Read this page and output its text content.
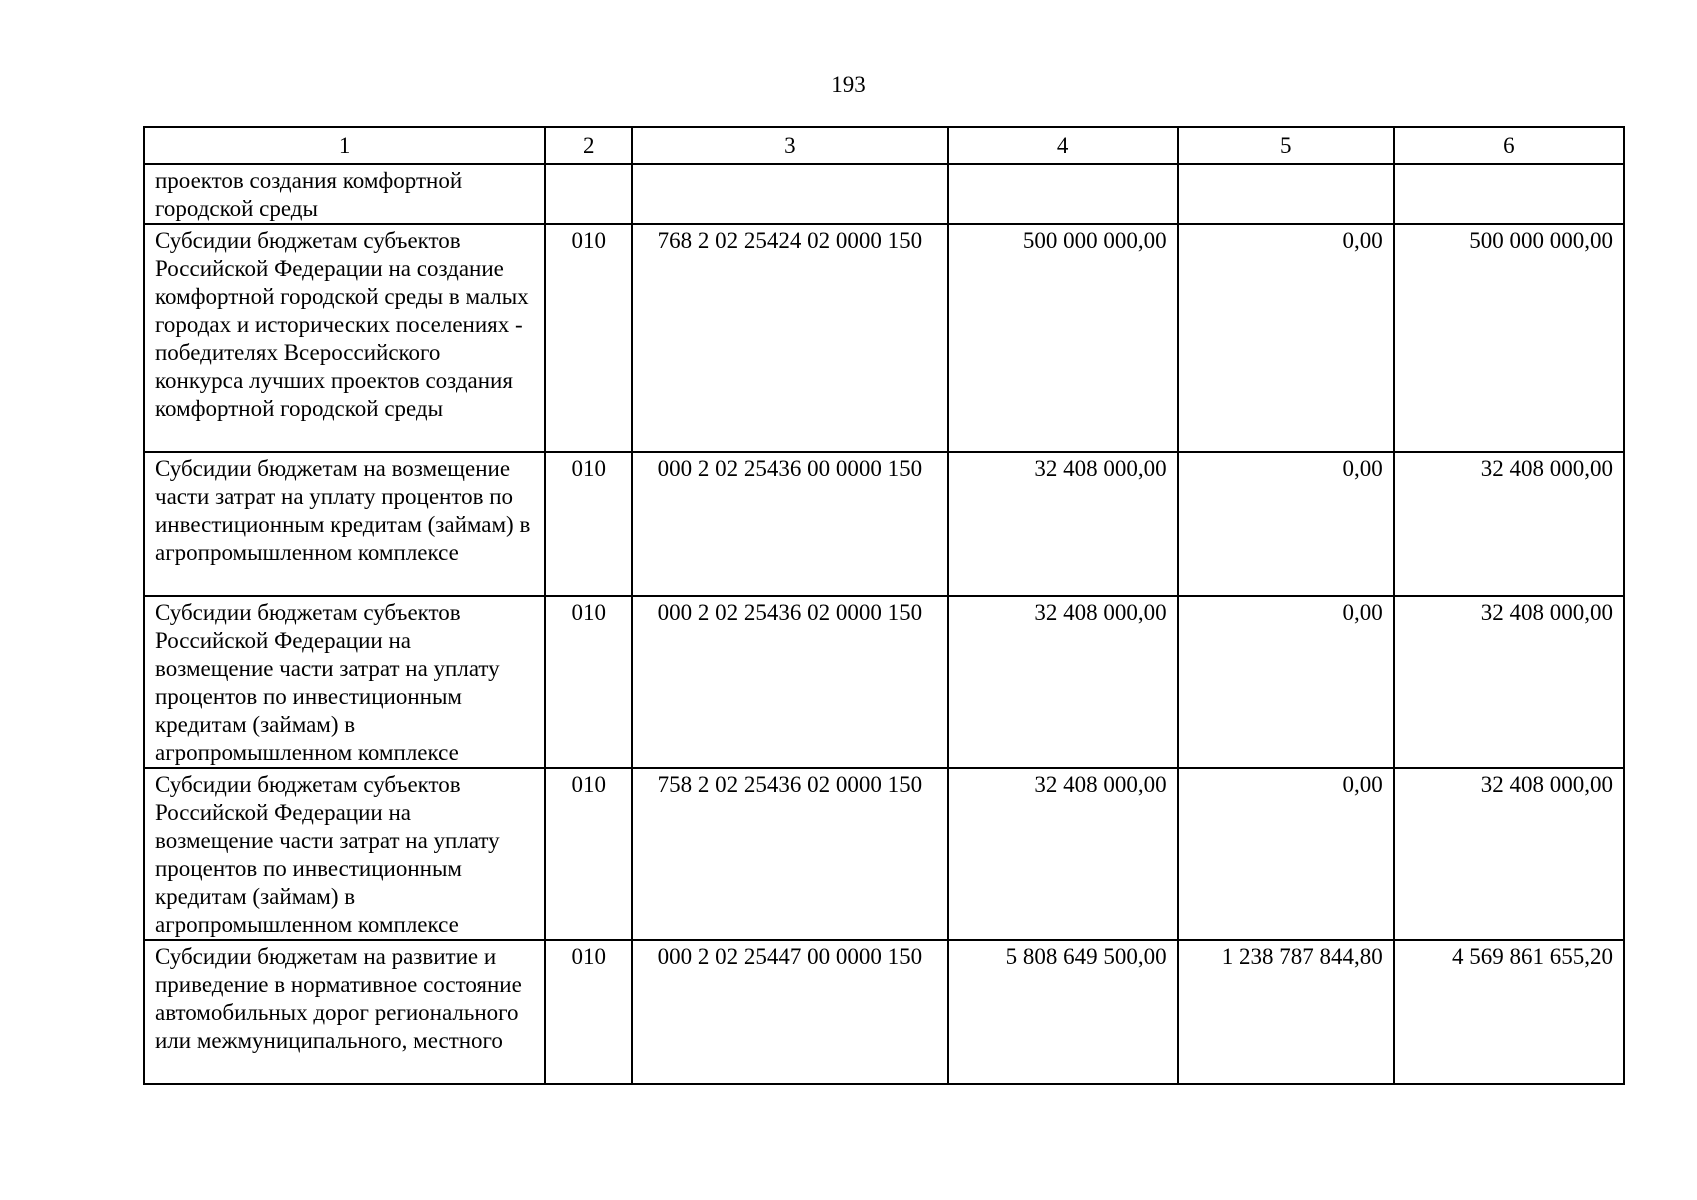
193
1	2	3	4	5	6
проектов создания комфортной городской среды					
Субсидии бюджетам субъектов Российской Федерации на создание комфортной городской среды в малых городах и исторических поселениях - победителях Всероссийского конкурса лучших проектов создания комфортной городской среды	010	768 2 02 25424 02 0000 150	500 000 000,00	0,00	500 000 000,00
Субсидии бюджетам на возмещение части затрат на уплату процентов по инвестиционным кредитам (займам) в агропромышленном комплексе	010	000 2 02 25436 00 0000 150	32 408 000,00	0,00	32 408 000,00
Субсидии бюджетам субъектов Российской Федерации на возмещение части затрат на уплату процентов по инвестиционным кредитам (займам) в агропромышленном комплексе	010	000 2 02 25436 02 0000 150	32 408 000,00	0,00	32 408 000,00
Субсидии бюджетам субъектов Российской Федерации на возмещение части затрат на уплату процентов по инвестиционным кредитам (займам) в агропромышленном комплексе	010	758 2 02 25436 02 0000 150	32 408 000,00	0,00	32 408 000,00
Субсидии бюджетам на развитие и приведение в нормативное состояние автомобильных дорог регионального или межмуниципального, местного	010	000 2 02 25447 00 0000 150	5 808 649 500,00	1 238 787 844,80	4 569 861 655,20
